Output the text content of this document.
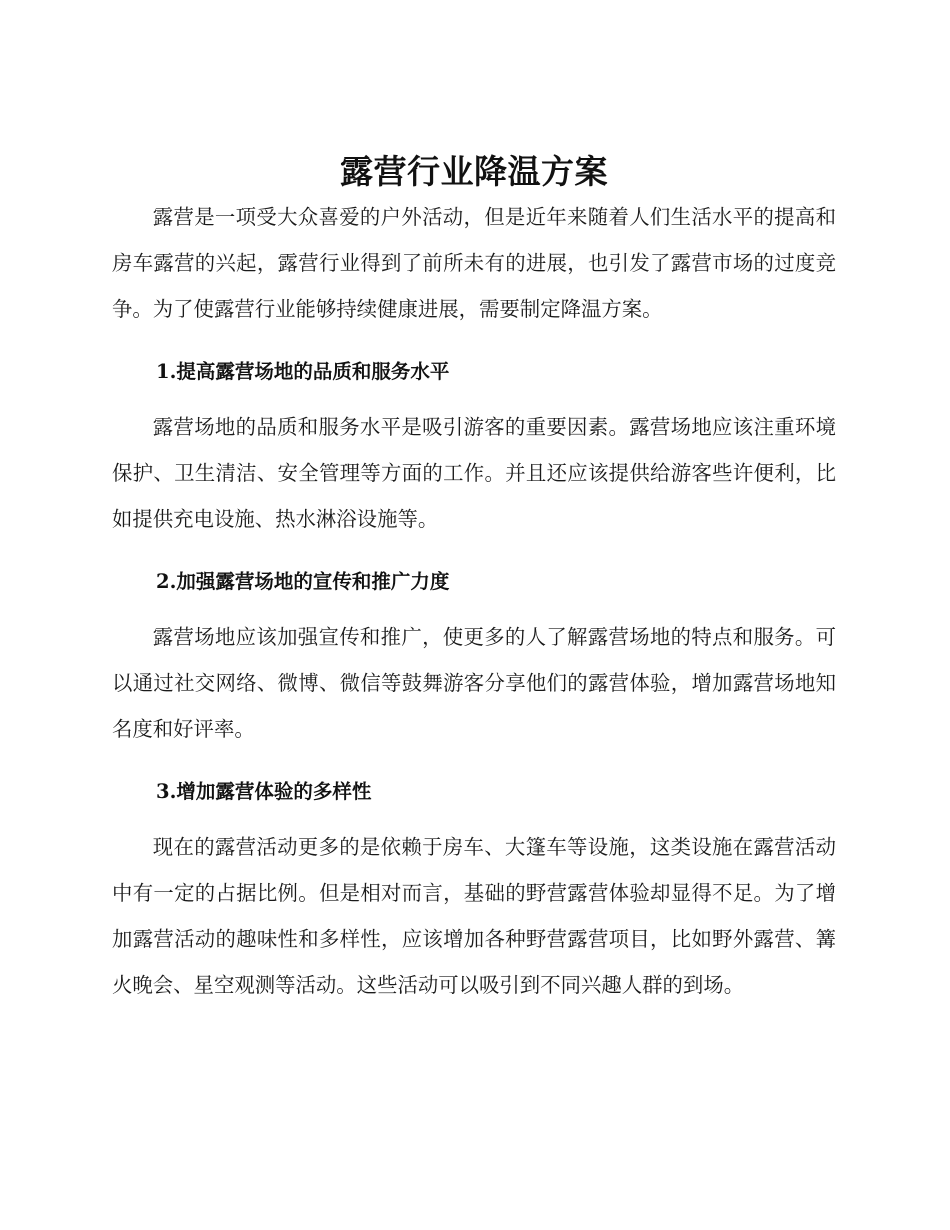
露营行业降温方案

露营是一项受大众喜爱的户外活动，但是近年来随着人们生活水平的提高和房车露营的兴起，露营行业得到了前所未有的进展，也引发了露营市场的过度竞争。为了使露营行业能够持续健康进展，需要制定降温方案。

1.提高露营场地的品质和服务水平

露营场地的品质和服务水平是吸引游客的重要因素。露营场地应该注重环境保护、卫生清洁、安全管理等方面的工作。并且还应该提供给游客些许便利，比如提供充电设施、热水淋浴设施等。

2.加强露营场地的宣传和推广力度

露营场地应该加强宣传和推广，使更多的人了解露营场地的特点和服务。可以通过社交网络、微博、微信等鼓舞游客分享他们的露营体验，增加露营场地知名度和好评率。

3.增加露营体验的多样性

现在的露营活动更多的是依赖于房车、大篷车等设施，这类设施在露营活动中有一定的占据比例。但是相对而言，基础的野营露营体验却显得不足。为了增加露营活动的趣味性和多样性，应该增加各种野营露营项目，比如野外露营、篝火晚会、星空观测等活动。这些活动可以吸引到不同兴趣人群的到场。
